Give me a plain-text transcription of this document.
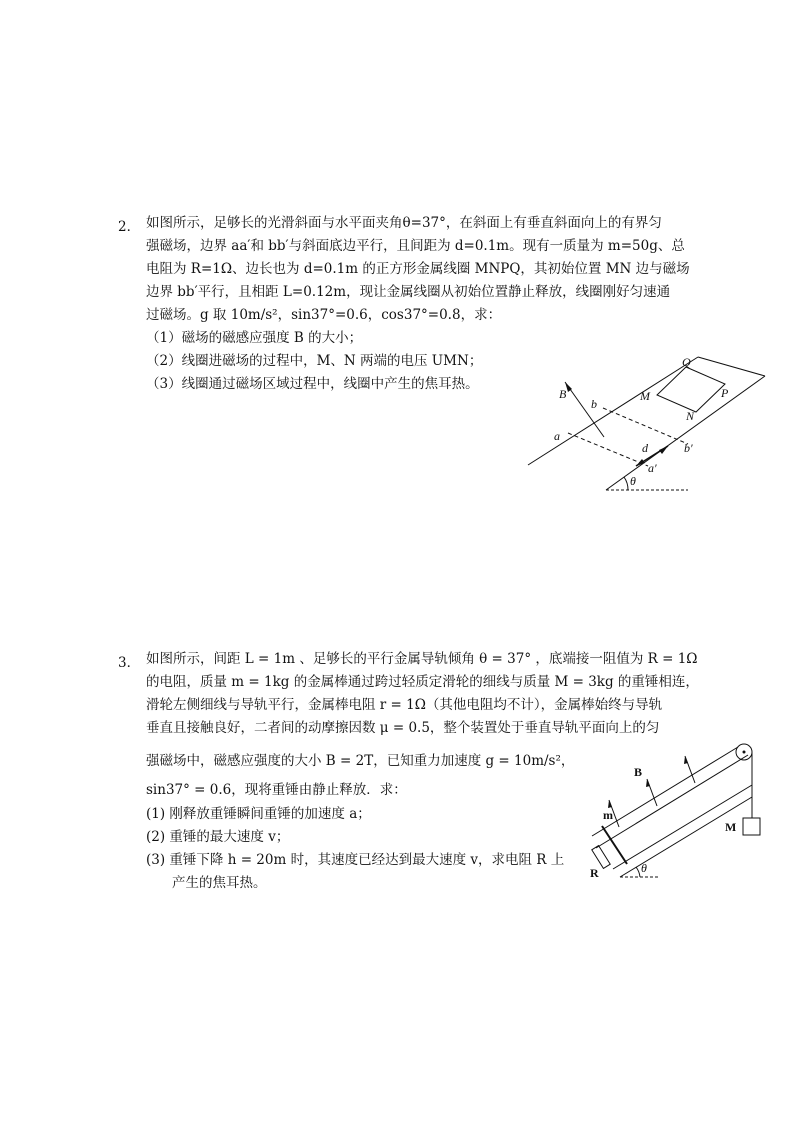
2． 如图所示，足够长的光滑斜面与水平面夹角θ=37°，在斜面上有垂直斜面向上的有界匀
强磁场，边界 aa′和 bb′与斜面底边平行，且间距为 d=0.1m。现有一质量为 m=50g、总
电阻为 R=1Ω、边长也为 d=0.1m 的正方形金属线圈 MNPQ，其初始位置 MN 边与磁场
边界 bb′平行，且相距 L=0.12m，现让金属线圈从初始位置静止释放，线圈刚好匀速通
过磁场。g 取 10m/s²，sin37°=0.6，cos37°=0.8，求：
（1）磁场的磁感应强度 B 的大小；
（2）线圈进磁场的过程中，M、N 两端的电压 UMN；
（3）线圈通过磁场区域过程中，线圈中产生的焦耳热。
Q
M	P
N
B
b
a
d	b′
a′
θ
3． 如图所示，间距 L = 1m 、足够长的平行金属导轨倾角 θ = 37° ，底端接一阻值为 R = 1Ω
的电阻，质量 m = 1kg 的金属棒通过跨过轻质定滑轮的细线与质量 M = 3kg 的重锤相连，
滑轮左侧细线与导轨平行，金属棒电阻 r = 1Ω（其他电阻均不计），金属棒始终与导轨
垂直且接触良好，二者间的动摩擦因数 μ = 0.5，整个装置处于垂直导轨平面向上的匀
强磁场中，磁感应强度的大小 B = 2T，已知重力加速度 g = 10m/s²，
sin37° = 0.6，现将重锤由静止释放．求：
(1) 刚释放重锤瞬间重锤的加速度 a；
(2) 重锤的最大速度 v；
(3) 重锤下降 h = 20m 时，其速度已经达到最大速度 v，求电阻 R 上
产生的焦耳热。
B
m
M
R	θ
